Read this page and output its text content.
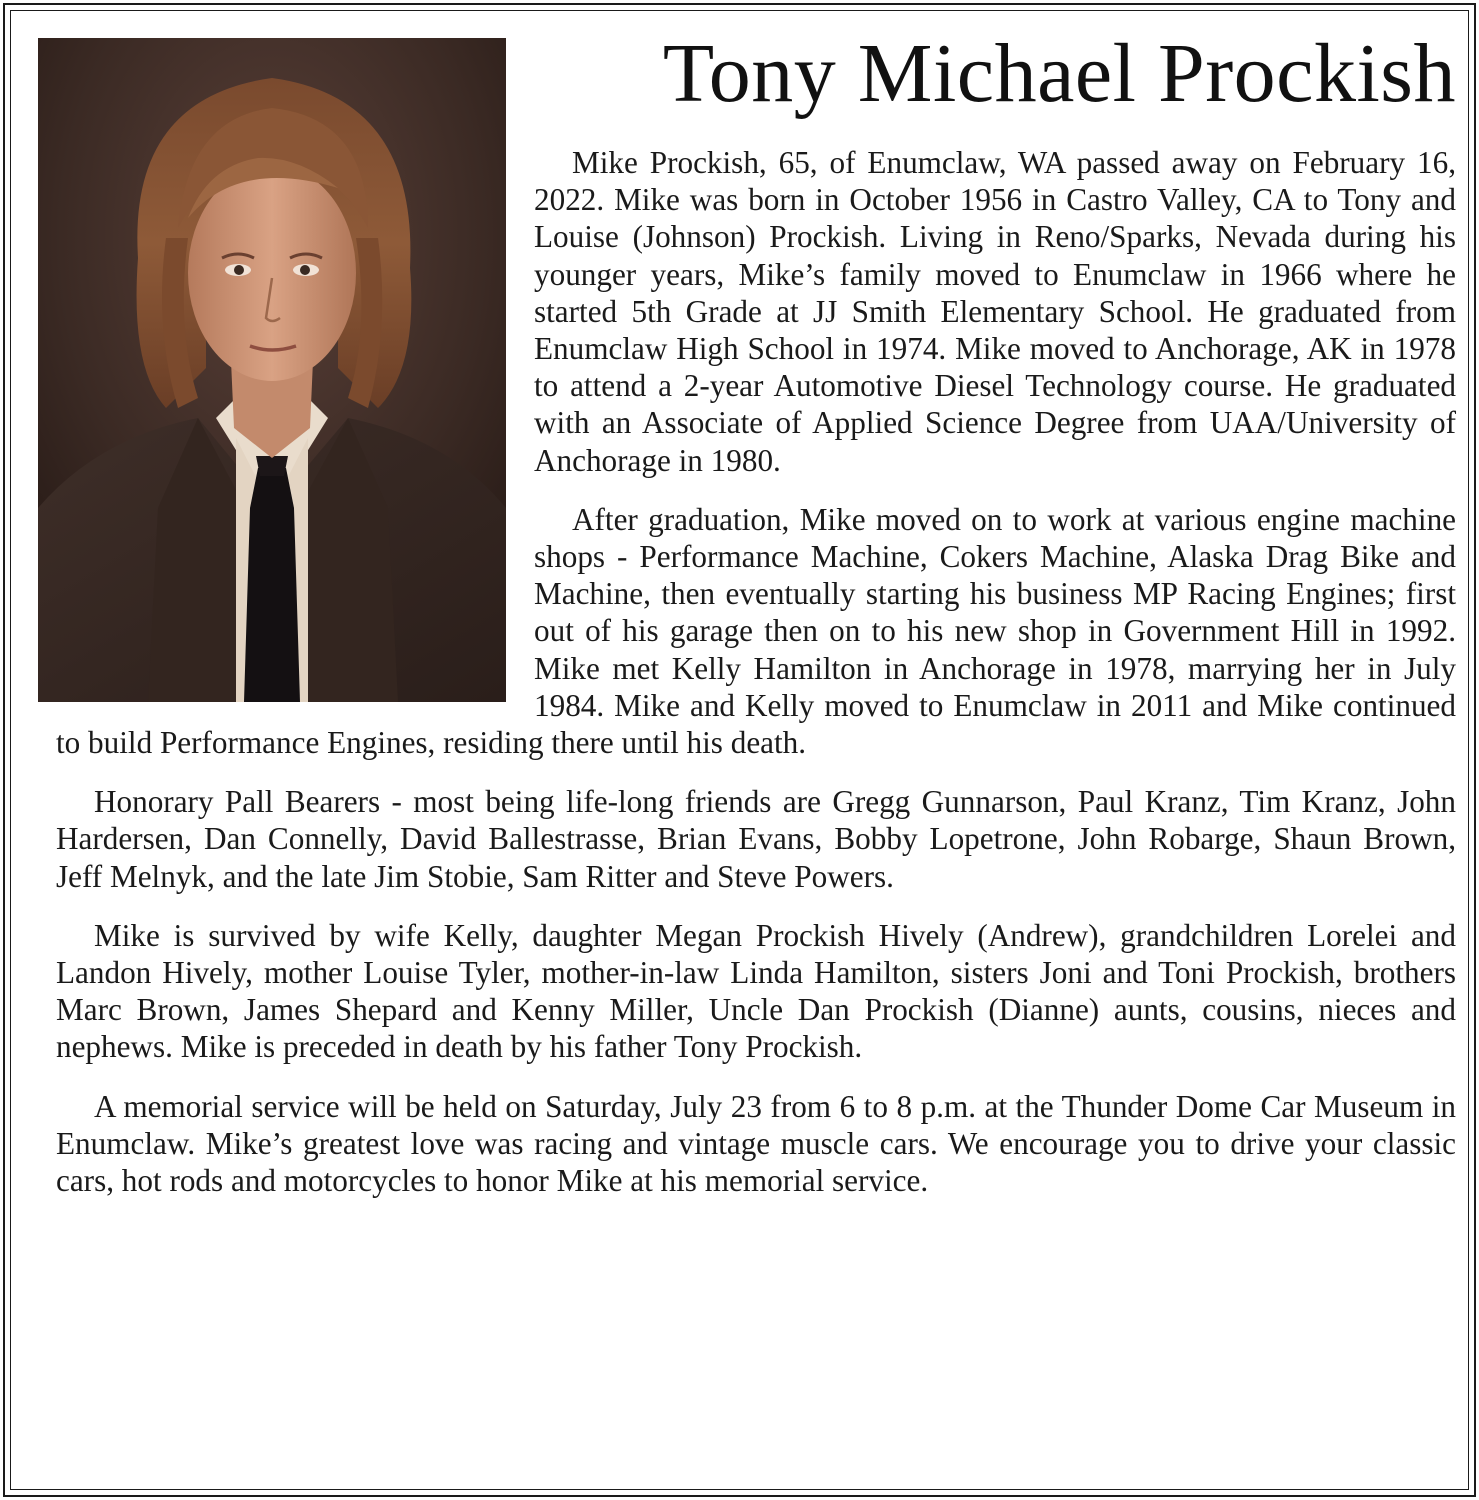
Tony Michael Prockish

Mike Prockish, 65, of Enumclaw, WA passed away on February 16, 2022. Mike was born in October 1956 in Castro Valley, CA to Tony and Louise (Johnson) Prockish. Living in Reno/Sparks, Nevada during his younger years, Mike’s family moved to Enumclaw in 1966 where he started 5th Grade at JJ Smith Elementary School. He graduated from Enumclaw High School in 1974. Mike moved to Anchorage, AK in 1978 to attend a 2-year Automotive Diesel Technology course. He graduated with an Associate of Applied Science Degree from UAA/University of Anchorage in 1980.

After graduation, Mike moved on to work at various engine machine shops - Performance Machine, Cokers Machine, Alaska Drag Bike and Machine, then eventually starting his business MP Racing Engines; first out of his garage then on to his new shop in Government Hill in 1992. Mike met Kelly Hamilton in Anchorage in 1978, marrying her in July 1984. Mike and Kelly moved to Enumclaw in 2011 and Mike continued to build Performance Engines, residing there until his death.

Honorary Pall Bearers - most being life-long friends are Gregg Gunnarson, Paul Kranz, Tim Kranz, John Hardersen, Dan Connelly, David Ballestrasse, Brian Evans, Bobby Lopetrone, John Robarge, Shaun Brown, Jeff Melnyk, and the late Jim Stobie, Sam Ritter and Steve Powers.

Mike is survived by wife Kelly, daughter Megan Prockish Hively (Andrew), grandchildren Lorelei and Landon Hively, mother Louise Tyler, mother-in-law Linda Hamilton, sisters Joni and Toni Prockish, brothers Marc Brown, James Shepard and Kenny Miller, Uncle Dan Prockish (Dianne) aunts, cousins, nieces and nephews. Mike is preceded in death by his father Tony Prockish.

A memorial service will be held on Saturday, July 23 from 6 to 8 p.m. at the Thunder Dome Car Museum in Enumclaw. Mike’s greatest love was racing and vintage muscle cars. We encourage you to drive your classic cars, hot rods and motorcycles to honor Mike at his memorial service.
